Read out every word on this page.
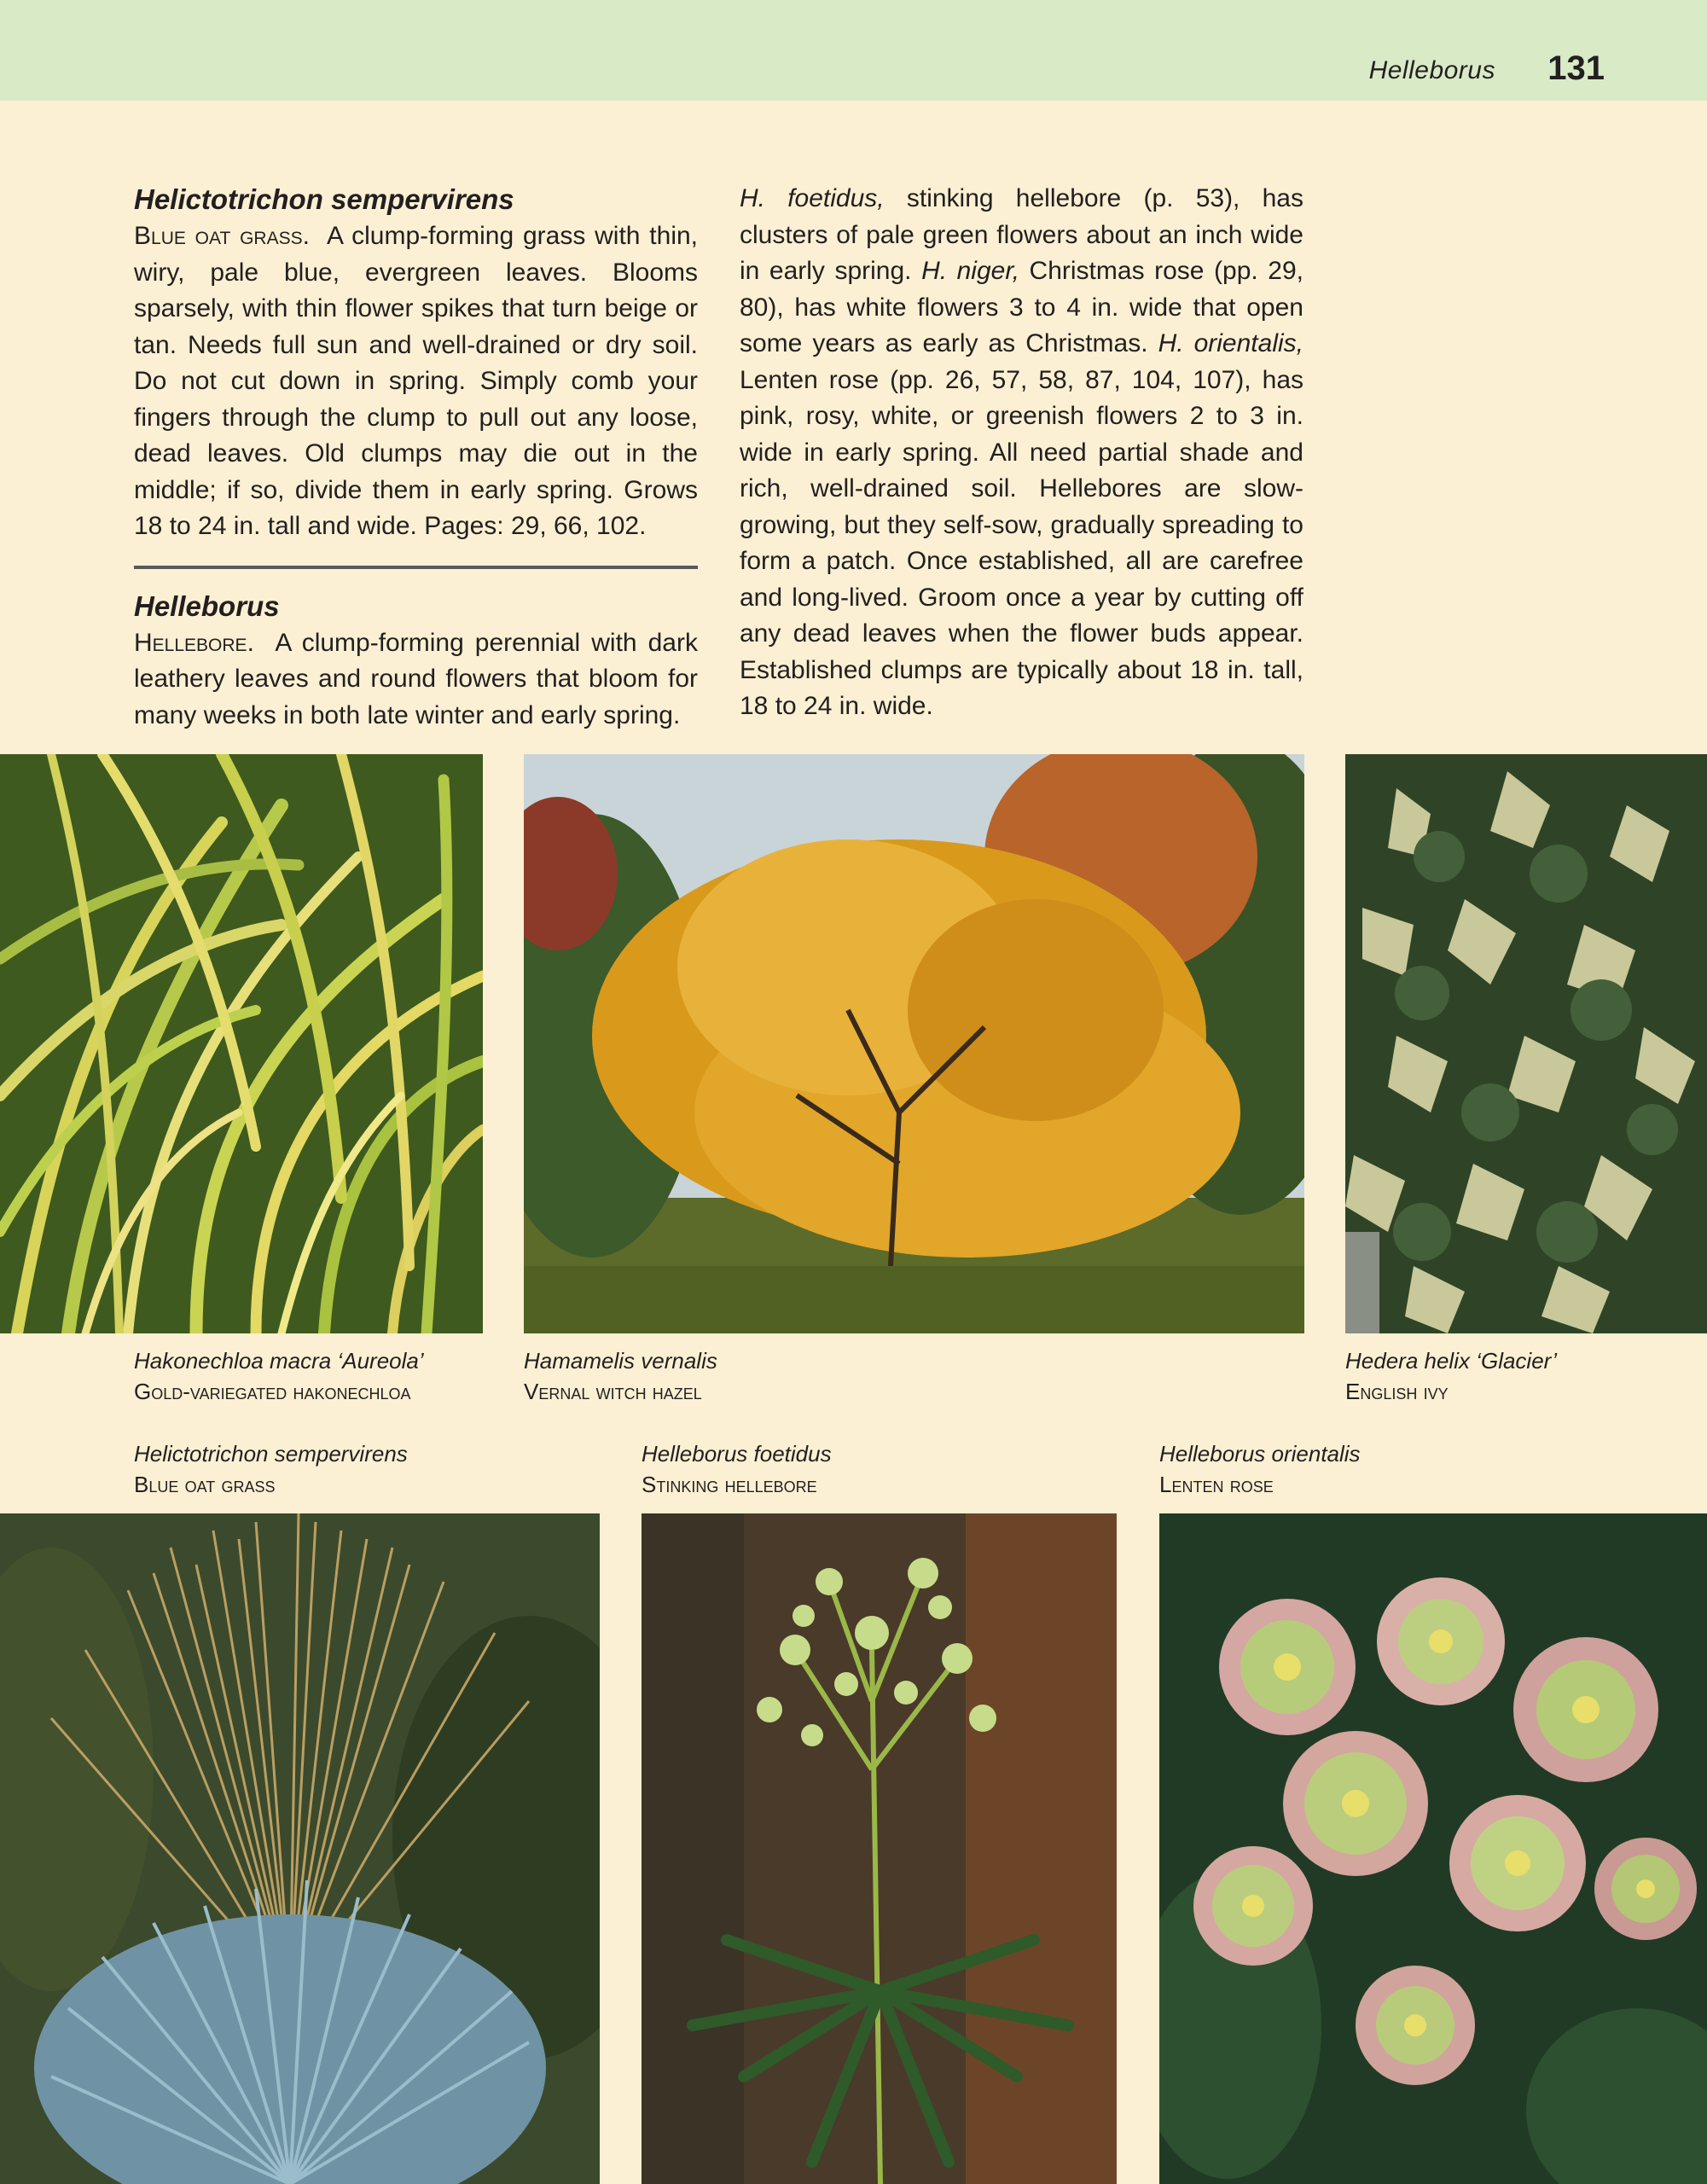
Helleborus 131
Helictotrichon sempervirens

Blue oat grass.  A clump-forming grass with thin, wiry, pale blue, evergreen leaves. Blooms sparsely, with thin flower spikes that turn beige or tan. Needs full sun and well-drained or dry soil. Do not cut down in spring. Simply comb your fingers through the clump to pull out any loose, dead leaves. Old clumps may die out in the middle; if so, divide them in early spring. Grows 18 to 24 in. tall and wide. Pages: 29, 66, 102.

Helleborus

Hellebore.  A clump-forming perennial with dark leathery leaves and round flowers that bloom for many weeks in both late winter and early spring.

H. foetidus, stinking hellebore (p. 53), has clusters of pale green flowers about an inch wide in early spring. H. niger, Christmas rose (pp. 29, 80), has white flowers 3 to 4 in. wide that open some years as early as Christmas. H. orientalis, Lenten rose (pp. 26, 57, 58, 87, 104, 107), has pink, rosy, white, or greenish flowers 2 to 3 in. wide in early spring. All need partial shade and rich, well-drained soil. Hellebores are slow-growing, but they self-sow, gradually spreading to form a patch. Once established, all are carefree and long-lived. Groom once a year by cutting off any dead leaves when the flower buds appear. Established clumps are typically about 18 in. tall, 18 to 24 in. wide.

Hakonechloa macra ‘Aureola’
Gold-variegated hakonechloa
Hamamelis vernalis
Vernal witch hazel
Hedera helix ‘Glacier’
English ivy
Helictotrichon sempervirens
Blue oat grass
Helleborus foetidus
Stinking hellebore
Helleborus orientalis
Lenten rose
